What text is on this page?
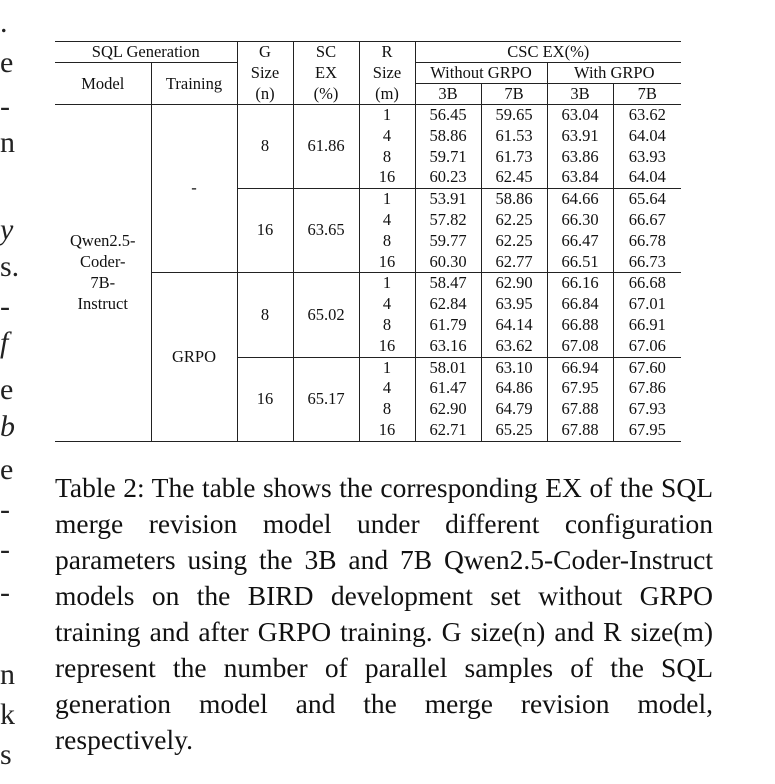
.
e
-
n
y
s.
-
f
e
b
e
-
-
-
n
k
s
SQL Generation		G	SC	R	CSC EX(%)			
Model	Training	Size	EX	Size	Without GRPO		With GRPO	
		(n)	(%)	(m)	3B	7B	3B	7B

Qwen2.5-
Coder-
7B-
Instruct	-	8	61.86	1	56.45	59.65	63.04	63.62
				4	58.86	61.53	63.91	64.04
				8	59.71	61.73	63.86	63.93
				16	60.23	62.45	63.84	64.04
		16	63.65	1	53.91	58.86	64.66	65.64
				4	57.82	62.25	66.30	66.67
				8	59.77	62.25	66.47	66.78
				16	60.30	62.77	66.51	66.73
	GRPO	8	65.02	1	58.47	62.90	66.16	66.68
				4	62.84	63.95	66.84	67.01
				8	61.79	64.14	66.88	66.91
				16	63.16	63.62	67.08	67.06
		16	65.17	1	58.01	63.10	66.94	67.60
				4	61.47	64.86	67.95	67.86
				8	62.90	64.79	67.88	67.93
				16	62.71	65.25	67.88	67.95

Table 2: The table shows the corresponding EX of the SQL merge revision model under different configuration parameters using the 3B and 7B Qwen2.5-Coder-Instruct models on the BIRD development set without GRPO training and after GRPO training. G size(n) and R size(m) represent the number of parallel samples of the SQL generation model and the merge revision model, respectively.
